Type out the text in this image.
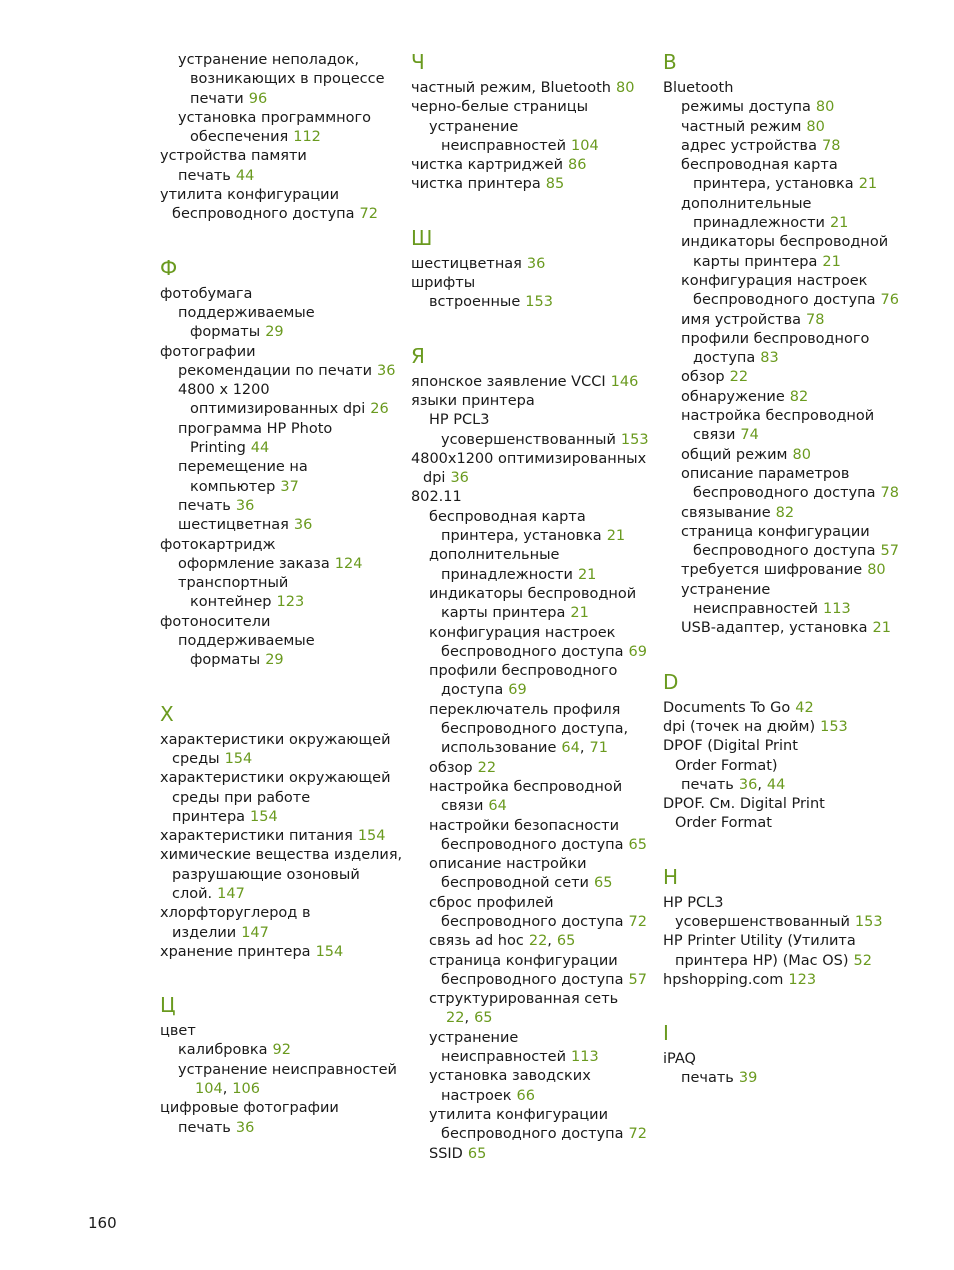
устранение неполадок,
возникающих в процессе
печати 96
установка программного
обеспечения 112
устройства памяти
печать 44
утилита конфигурации
беспроводного доступа 72
Ф
фотобумага
поддерживаемые
форматы 29
фотографии
рекомендации по печати 36
4800 x 1200
оптимизированных dpi 26
программа HP Photo
Printing 44
перемещение на
компьютер 37
печать 36
шестицветная 36
фотокартридж
оформление заказа 124
транспортный
контейнер 123
фотоносители
поддерживаемые
форматы 29
Х
характеристики окружающей
среды 154
характеристики окружающей
среды при работе
принтера 154
характеристики питания 154
химические вещества изделия,
разрушающие озоновый
слой. 147
хлорфторуглерод в
изделии 147
хранение принтера 154
Ц
цвет
калибровка 92
устранение неисправностей
104, 106
цифровые фотографии
печать 36
Ч
частный режим, Bluetooth 80
черно-белые страницы
устранение
неисправностей 104
чистка картриджей 86
чистка принтера 85
Ш
шестицветная 36
шрифты
встроенные 153
Я
японское заявление VCCI 146
языки принтера
HP PCL3
усовершенствованный 153
4800x1200 оптимизированных
dpi 36
802.11
беспроводная карта
принтера, установка 21
дополнительные
принадлежности 21
индикаторы беспроводной
карты принтера 21
конфигурация настроек
беспроводного доступа 69
профили беспроводного
доступа 69
переключатель профиля
беспроводного доступа,
использование 64, 71
обзор 22
настройка беспроводной
связи 64
настройки безопасности
беспроводного доступа 65
описание настройки
беспроводной сети 65
сброс профилей
беспроводного доступа 72
связь ad hoc 22, 65
страница конфигурации
беспроводного доступа 57
структурированная сеть
22, 65
устранение
неисправностей 113
установка заводских
настроек 66
утилита конфигурации
беспроводного доступа 72
SSID 65
B
Bluetooth
режимы доступа 80
частный режим 80
адрес устройства 78
беспроводная карта
принтера, установка 21
дополнительные
принадлежности 21
индикаторы беспроводной
карты принтера 21
конфигурация настроек
беспроводного доступа 76
имя устройства 78
профили беспроводного
доступа 83
обзор 22
обнаружение 82
настройка беспроводной
связи 74
общий режим 80
описание параметров
беспроводного доступа 78
связывание 82
страница конфигурации
беспроводного доступа 57
требуется шифрование 80
устранение
неисправностей 113
USB-адаптер, установка 21
D
Documents To Go 42
dpi (точек на дюйм) 153
DPOF (Digital Print
Order Format)
печать 36, 44
DPOF. См. Digital Print
Order Format
H
HP PCL3
усовершенствованный 153
HP Printer Utility (Утилита
принтера HP) (Mac OS) 52
hpshopping.com 123
I
iPAQ
печать 39
160
